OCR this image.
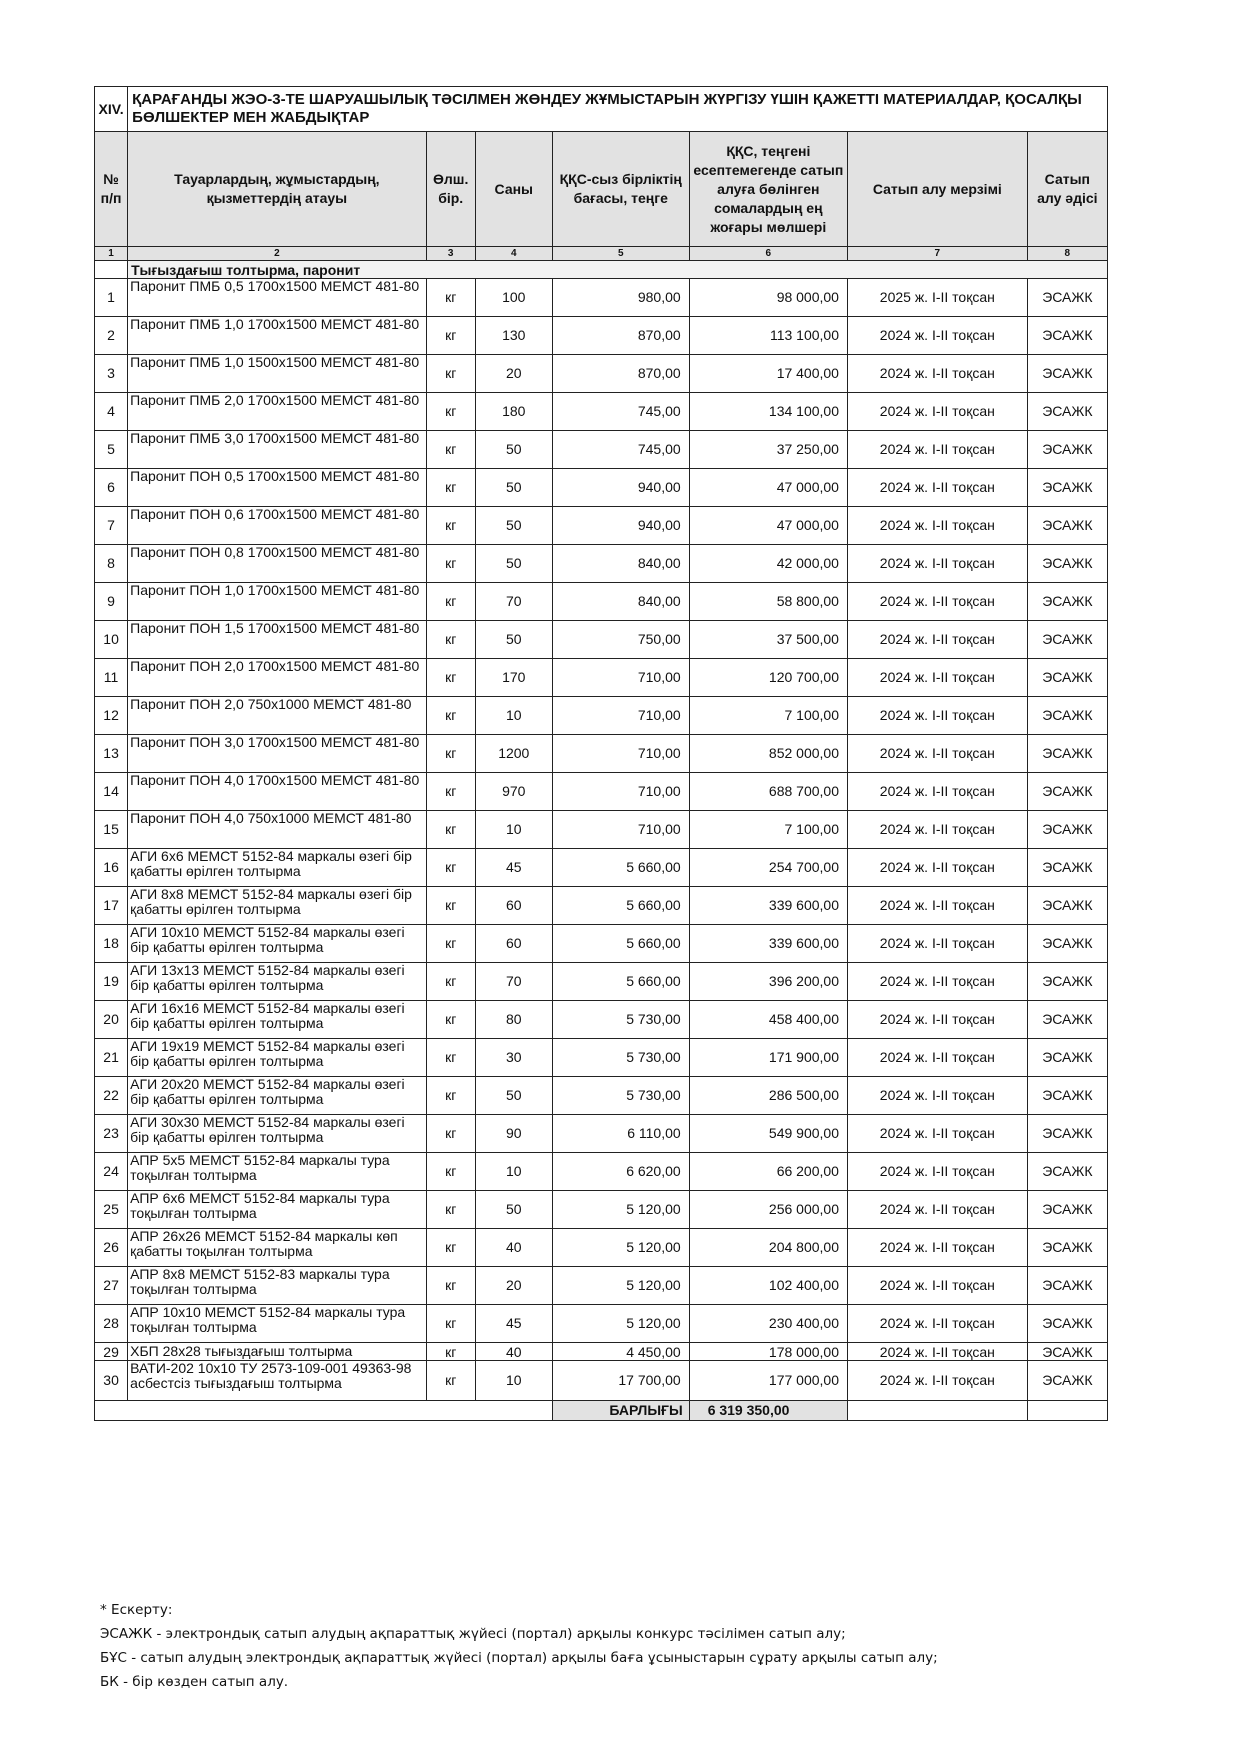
XIV.	ҚАРАҒАНДЫ ЖЭО-3-ТЕ ШАРУАШЫЛЫҚ ТӘСІЛМЕН ЖӨНДЕУ ЖҰМЫСТАРЫН ЖҮРГІЗУ ҮШІН ҚАЖЕТТІ МАТЕРИАЛДАР, ҚОСАЛҚЫ БӨЛШЕКТЕР МЕН ЖАБДЫҚТАР						
№ п/п	Тауарлардың, жұмыстардың, қызметтердің атауы	Өлш. бір.	Саны	ҚҚС-сыз бірліктің бағасы, теңге	ҚҚС, теңгені есептемегенде сатып алуға бөлінген сомалардың ең жоғары мөлшері	Сатып алу мерзімі	Сатып алу әдісі
1	2	3	4	5	6	7	8
	Тығыздағыш толтырма, паронит						
1	Паронит ПМБ 0,5 1700х1500 МЕМСТ 481-80	кг	100	980,00	98 000,00	2025 ж. І-ІІ тоқсан	ЭСАЖК
2	Паронит ПМБ 1,0 1700х1500 МЕМСТ 481-80	кг	130	870,00	113 100,00	2024 ж. І-ІІ тоқсан	ЭСАЖК
3	Паронит ПМБ 1,0 1500х1500 МЕМСТ 481-80	кг	20	870,00	17 400,00	2024 ж. І-ІІ тоқсан	ЭСАЖК
4	Паронит ПМБ 2,0 1700х1500 МЕМСТ 481-80	кг	180	745,00	134 100,00	2024 ж. І-ІІ тоқсан	ЭСАЖК
5	Паронит ПМБ 3,0 1700х1500 МЕМСТ 481-80	кг	50	745,00	37 250,00	2024 ж. І-ІІ тоқсан	ЭСАЖК
6	Паронит ПОН 0,5 1700х1500 МЕМСТ 481-80	кг	50	940,00	47 000,00	2024 ж. І-ІІ тоқсан	ЭСАЖК
7	Паронит ПОН 0,6 1700х1500 МЕМСТ 481-80	кг	50	940,00	47 000,00	2024 ж. І-ІІ тоқсан	ЭСАЖК
8	Паронит ПОН 0,8 1700х1500 МЕМСТ 481-80	кг	50	840,00	42 000,00	2024 ж. І-ІІ тоқсан	ЭСАЖК
9	Паронит ПОН 1,0 1700х1500 МЕМСТ 481-80	кг	70	840,00	58 800,00	2024 ж. І-ІІ тоқсан	ЭСАЖК
10	Паронит ПОН 1,5 1700х1500 МЕМСТ 481-80	кг	50	750,00	37 500,00	2024 ж. І-ІІ тоқсан	ЭСАЖК
11	Паронит ПОН 2,0 1700х1500 МЕМСТ 481-80	кг	170	710,00	120 700,00	2024 ж. І-ІІ тоқсан	ЭСАЖК
12	Паронит ПОН 2,0 750х1000 МЕМСТ 481-80	кг	10	710,00	7 100,00	2024 ж. І-ІІ тоқсан	ЭСАЖК
13	Паронит ПОН 3,0 1700х1500 МЕМСТ 481-80	кг	1200	710,00	852 000,00	2024 ж. І-ІІ тоқсан	ЭСАЖК
14	Паронит ПОН 4,0 1700х1500 МЕМСТ 481-80	кг	970	710,00	688 700,00	2024 ж. І-ІІ тоқсан	ЭСАЖК
15	Паронит ПОН 4,0 750х1000 МЕМСТ 481-80	кг	10	710,00	7 100,00	2024 ж. І-ІІ тоқсан	ЭСАЖК
16	АГИ 6х6 МЕМСТ 5152-84 маркалы өзегі бір қабатты өрілген толтырма	кг	45	5 660,00	254 700,00	2024 ж. І-ІІ тоқсан	ЭСАЖК
17	АГИ 8х8 МЕМСТ 5152-84 маркалы өзегі бір қабатты өрілген толтырма	кг	60	5 660,00	339 600,00	2024 ж. І-ІІ тоқсан	ЭСАЖК
18	АГИ 10х10 МЕМСТ 5152-84 маркалы өзегі бір қабатты өрілген толтырма	кг	60	5 660,00	339 600,00	2024 ж. І-ІІ тоқсан	ЭСАЖК
19	АГИ 13х13 МЕМСТ 5152-84 маркалы өзегі бір қабатты өрілген толтырма	кг	70	5 660,00	396 200,00	2024 ж. І-ІІ тоқсан	ЭСАЖК
20	АГИ 16х16 МЕМСТ 5152-84 маркалы өзегі бір қабатты өрілген толтырма	кг	80	5 730,00	458 400,00	2024 ж. І-ІІ тоқсан	ЭСАЖК
21	АГИ 19х19 МЕМСТ 5152-84 маркалы өзегі бір қабатты өрілген толтырма	кг	30	5 730,00	171 900,00	2024 ж. І-ІІ тоқсан	ЭСАЖК
22	АГИ 20х20 МЕМСТ 5152-84 маркалы өзегі бір қабатты өрілген толтырма	кг	50	5 730,00	286 500,00	2024 ж. І-ІІ тоқсан	ЭСАЖК
23	АГИ 30х30 МЕМСТ 5152-84 маркалы өзегі бір қабатты өрілген толтырма	кг	90	6 110,00	549 900,00	2024 ж. І-ІІ тоқсан	ЭСАЖК
24	АПР 5х5 МЕМСТ 5152-84 маркалы тура тоқылған толтырма	кг	10	6 620,00	66 200,00	2024 ж. І-ІІ тоқсан	ЭСАЖК
25	АПР 6х6 МЕМСТ 5152-84 маркалы тура тоқылған толтырма	кг	50	5 120,00	256 000,00	2024 ж. І-ІІ тоқсан	ЭСАЖК
26	АПР 26х26 МЕМСТ 5152-84 маркалы көп қабатты тоқылған толтырма	кг	40	5 120,00	204 800,00	2024 ж. І-ІІ тоқсан	ЭСАЖК
27	АПР 8х8 МЕМСТ 5152-83 маркалы тура тоқылған толтырма	кг	20	5 120,00	102 400,00	2024 ж. І-ІІ тоқсан	ЭСАЖК
28	АПР 10х10 МЕМСТ 5152-84 маркалы тура тоқылған толтырма	кг	45	5 120,00	230 400,00	2024 ж. І-ІІ тоқсан	ЭСАЖК
29	ХБП 28х28 тығыздағыш толтырма	кг	40	4 450,00	178 000,00	2024 ж. І-ІІ тоқсан	ЭСАЖК
30	ВАТИ-202 10х10 ТУ 2573-109-001 49363-98 асбестсіз тығыздағыш толтырма	кг	10	17 700,00	177 000,00	2024 ж. І-ІІ тоқсан	ЭСАЖК
				БАРЛЫҒЫ	6 319 350,00		
* Ескерту:
ЭСАЖК - электрондық сатып алудың ақпараттық жүйесі (портал) арқылы конкурс тәсілімен сатып алу;
БҰС - сатып алудың электрондық ақпараттық жүйесі (портал) арқылы баға ұсыныстарын сұрату арқылы сатып алу;
БК - бір көзден сатып алу.
